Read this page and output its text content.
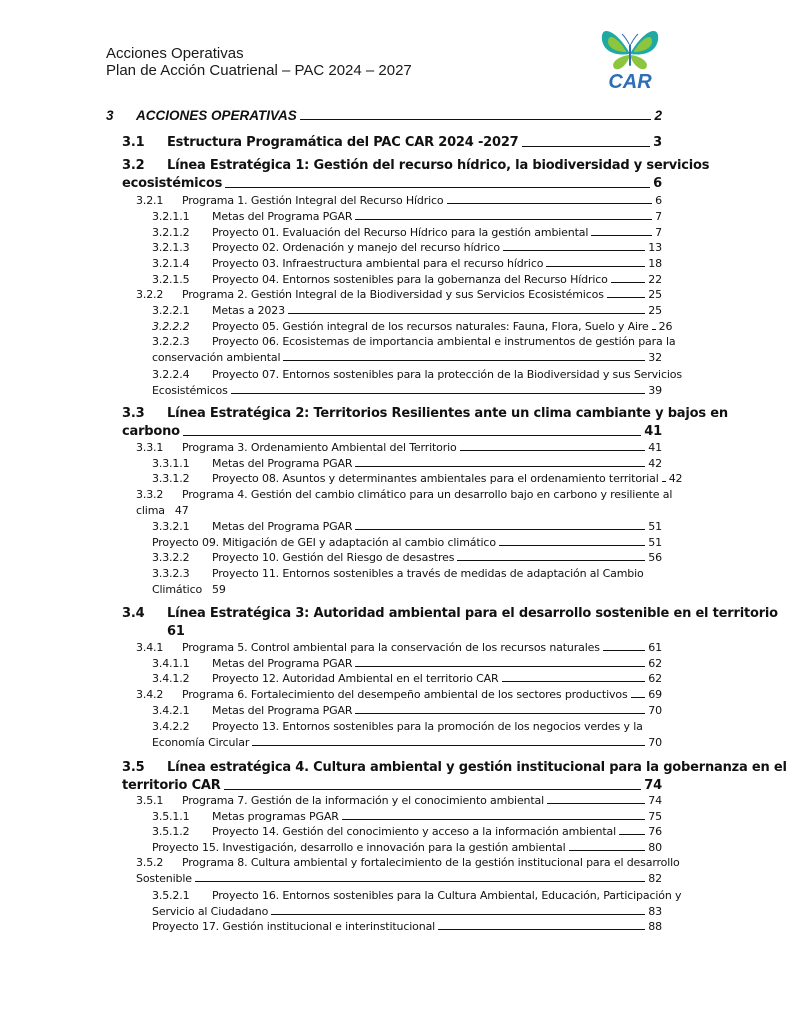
Acciones Operativas
Plan de Acción Cuatrienal – PAC 2024 – 2027
CAR
3	ACCIONES OPERATIVAS	2
3.1	Estructura Programática del PAC CAR 2024 -2027	3
3.2	Línea Estratégica 1: Gestión del recurso hídrico, la biodiversidad y servicios
ecosistémicos	6
3.2.1	Programa 1. Gestión Integral del Recurso Hídrico	6
3.2.1.1	Metas del Programa PGAR	7
3.2.1.2	Proyecto 01. Evaluación del Recurso Hídrico para la gestión ambiental	7
3.2.1.3	Proyecto 02. Ordenación y manejo del recurso hídrico	13
3.2.1.4	Proyecto 03. Infraestructura ambiental para el recurso hídrico	18
3.2.1.5	Proyecto 04. Entornos sostenibles para la gobernanza del Recurso Hídrico	22
3.2.2	Programa 2. Gestión Integral de la Biodiversidad y sus Servicios Ecosistémicos	25
3.2.2.1	Metas a 2023	25
3.2.2.2	Proyecto 05. Gestión integral de los recursos naturales: Fauna, Flora, Suelo y Aire 26
3.2.2.3	Proyecto 06. Ecosistemas de importancia ambiental e instrumentos de gestión para la
conservación ambiental	32
3.2.2.4	Proyecto 07. Entornos sostenibles para la protección de la Biodiversidad y sus Servicios
Ecosistémicos	39
3.3	Línea Estratégica 2: Territorios Resilientes ante un clima cambiante y bajos en
carbono	41
3.3.1	Programa 3. Ordenamiento Ambiental del Territorio	41
3.3.1.1	Metas del Programa PGAR	42
3.3.1.2	Proyecto 08. Asuntos y determinantes ambientales para el ordenamiento territorial 42
3.3.2	Programa 4. Gestión del cambio climático para un desarrollo bajo en carbono y resiliente al
clima 47
3.3.2.1	Metas del Programa PGAR	51
Proyecto 09. Mitigación de GEI y adaptación al cambio climático	51
3.3.2.2	Proyecto 10. Gestión del Riesgo de desastres	56
3.3.2.3	Proyecto 11. Entornos sostenibles a través de medidas de adaptación al Cambio
Climático 59
3.4	Línea Estratégica 3: Autoridad ambiental para el desarrollo sostenible en el territorio
61
3.4.1	Programa 5. Control ambiental para la conservación de los recursos naturales	61
3.4.1.1	Metas del Programa PGAR	62
3.4.1.2	Proyecto 12. Autoridad Ambiental en el territorio CAR	62
3.4.2	Programa 6. Fortalecimiento del desempeño ambiental de los sectores productivos 69
3.4.2.1	Metas del Programa PGAR	70
3.4.2.2	Proyecto 13. Entornos sostenibles para la promoción de los negocios verdes y la
Economía Circular	70
3.5	Línea estratégica 4. Cultura ambiental y gestión institucional para la gobernanza en el
territorio CAR	74
3.5.1	Programa 7. Gestión de la información y el conocimiento ambiental	74
3.5.1.1	Metas programas PGAR	75
3.5.1.2	Proyecto 14. Gestión del conocimiento y acceso a la información ambiental	76
Proyecto 15. Investigación, desarrollo e innovación para la gestión ambiental	80
3.5.2	Programa 8. Cultura ambiental y fortalecimiento de la gestión institucional para el desarrollo
Sostenible	82
3.5.2.1	Proyecto 16. Entornos sostenibles para la Cultura Ambiental, Educación, Participación y
Servicio al Ciudadano	83
Proyecto 17. Gestión institucional e interinstitucional	88
